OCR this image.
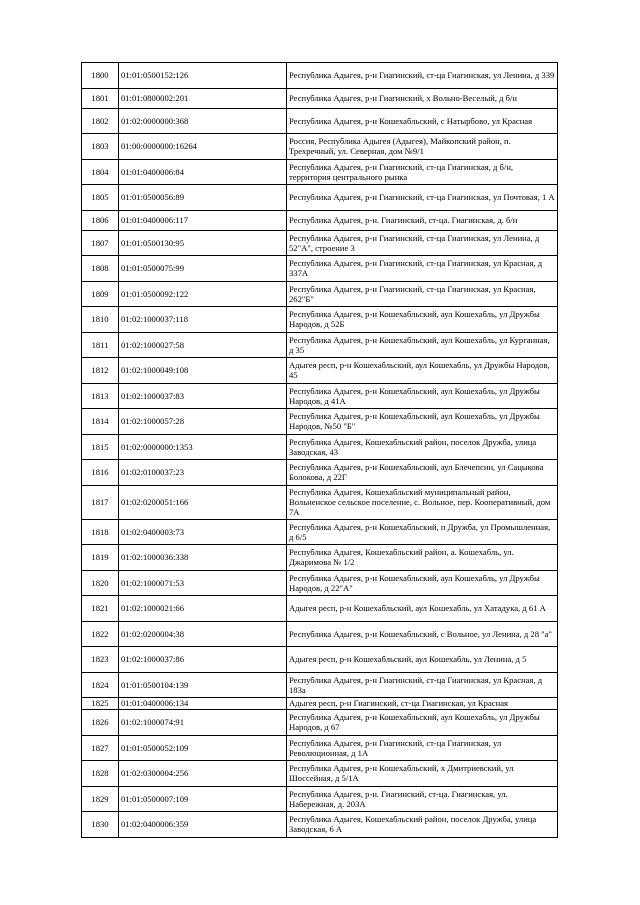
1800	01:01:0500152:126	Республика Адыгея, р-н Гиагинский, ст-ца Гиагинская, ул Ленина, д 339
1801	01:01:0800002:201	Республика Адыгея, р-н Гиагинский, х Вольно-Веселый, д б/н
1802	01:02:0000000:368	Республика Адыгея, р-н Кошехабльский, с Натырбово, ул Красная
1803	01:00:0000000:16264	Россия, Республика Адыгея (Адыгея), Майкопский район, п. Трехречный, ул. Северная, дом №9/1
1804	01:01:0400006:84	Республика Адыгея, р-н Гиагинский, ст-ца Гиагинская, д б/н, территория центрального рынка
1805	01:01:0500056:89	Республика Адыгея, р-н Гиагинский, ст-ца Гиагинская, ул Почтовая, 1 А
1806	01:01:0400006:117	Республика Адыгея, р-н. Гиагинский, ст-ца. Гиагинская, д. б/н
1807	01:01:0500130:95	Республика Адыгея, р-н Гиагинский, ст-ца Гиагинская, ул Ленина, д 52"А", строение 3
1808	01:01:0500075:99	Республика Адыгея, р-н Гиагинский, ст-ца Гиагинская, ул Красная, д 337А
1809	01:01:0500092:122	Республика Адыгея, р-н Гиагинский, ст-ца Гиагинская, ул Красная, 262"Б"
1810	01:02:1000037:118	Республика Адыгея, р-н Кошехабльский, аул Кошехабль, ул Дружбы Народов, д 52Б
1811	01:02:1000027:58	Республика Адыгея, р-н Кошехабльский, аул Кошехабль, ул Курганная, д 35
1812	01:02:1000049:108	Адыгея респ, р-н Кошехабльский, аул Кошехабль, ул Дружбы Народов, 45
1813	01:02:1000037:83	Республика Адыгея, р-н Кошехабльский, аул Кошехабль, ул Дружбы Народов, д 41А
1814	01:02:1000057:28	Республика Адыгея, р-н Кошехабльский, аул Кошехабль, ул Дружбы Народов, №50 "Б"
1815	01:02:0000000:1353	Республика Адыгея, Кошехабльский район, поселок Дружба, улица Заводская, 43
1816	01:02:0100037:23	Республика Адыгея, р-н Кошехабльский, аул Блечепсин, ул Сацыкова Болокова, д 22Г
1817	01:02:0200051:166	Республика Адыгея, Кошехабльский муниципальный район, Вольненское сельское поселение, с. Вольное, пер. Кооперативный, дом 7А
1818	01:02:0400003:73	Республика Адыгея, р-н Кошехабльский, п Дружба, ул Промышленная, д 6/5
1819	01:02:1000036:338	Республика Адыгея, Кошехабльский район, а. Кошехабль, ул. Джаримова № 1/2
1820	01:02:1000071:53	Республика Адыгея, р-н Кошехабльский, аул Кошехабль, ул Дружбы Народов, д 22"А"
1821	01:02:1000021:66	Адыгея респ, р-н Кошехабльский, аул Кошехабль, ул Хатадука, д 61 А
1822	01:02:0200004:38	Республика Адыгея, р-н Кошехабльский, с Вольное, ул Ленина, д 28 "а"
1823	01:02:1000037:86	Адыгея респ, р-н Кошехабльский, аул Кошехабль, ул Ленина, д 5
1824	01:01:0500104:139	Республика Адыгея, р-н Гиагинский, ст-ца Гиагинская, ул Красная, д 183а
1825	01:01:0400006:134	Адыгея респ, р-н Гиагинский, ст-ца Гиагинская, ул Красная
1826	01:02:1000074:91	Республика Адыгея, р-н Кошехабльский, аул Кошехабль, ул Дружбы Народов, д 67
1827	01:01:0500052:109	Республика Адыгея, р-н Гиагинский, ст-ца Гиагинская, ул Революционная, д 1А
1828	01:02:0300004:256	Республика Адыгея, р-н Кошехабльский, х Дмитриевский, ул Шоссейная, д 5/1А
1829	01:01:0500007:109	Республика Адыгея, р-н. Гиагинский, ст-ца. Гиагинская, ул. Набережная, д. 203А
1830	01:02:0400006:359	Республика Адыгея, Кошехабльский район, поселок Дружба, улица Заводская, 6 А
